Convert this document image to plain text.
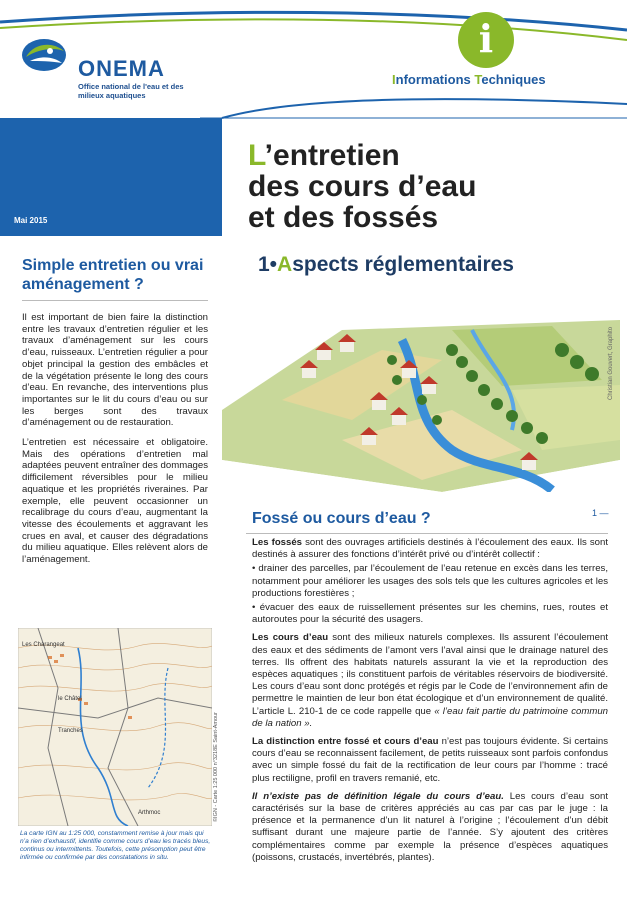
ONEMA
Office national de l'eau et des milieux aquatiques
i
Informations Techniques
Mai 2015
L’entretien
des cours d’eau
et des fossés
1•Aspects réglementaires
Simple entretien ou vrai aménagement ?

Il est important de bien faire la distinction entre les travaux d’entretien régulier et les travaux d’aménagement sur les cours d’eau, ruisseaux. L’entretien régulier a pour objet principal la gestion des embâcles et de la végétation présente le long des cours d’eau. En revanche, des interventions plus importantes sur le lit du cours d’eau ou sur les berges sont des travaux d’aménagement ou de restauration.

L’entretien est nécessaire et obligatoire. Mais des opérations d’entretien mal adaptées peuvent entraîner des dommages difficilement réversibles pour le milieu aquatique et les propriétés riveraines. Par exemple, elle peuvent occasionner un recalibrage du cours d’eau, augmentant la vitesse des écoulements et aggravant les crues en aval, et causer des dégradations du milieu aquatique. Elles relèvent alors de l’aménagement.

Christian Gouvert, Graphito
1 —
Les Charangeat
le Châtel
Tranches
Arthmoc	©IGN - Carte 1:25 000 n°3218E Saint-Amour
La carte IGN au 1:25 000, constamment remise à jour mais qui n’a rien d’exhaustif, identifie comme cours d’eau les tracés bleus, continus ou intermittents. Toutefois, cette présomption peut être infirmée ou confirmée par des constatations in situ.
Fossé ou cours d’eau ?

Les fossés sont des ouvrages artificiels destinés à l’écoulement des eaux. Ils sont destinés à assurer des fonctions d’intérêt privé ou d’intérêt collectif :

• drainer des parcelles, par l’écoulement de l’eau retenue en excès dans les terres, notamment pour améliorer les usages des sols tels que les cultures agricoles et les productions forestières ;

• évacuer des eaux de ruissellement présentes sur les chemins, rues, routes et autoroutes pour la sécurité des usagers.

Les cours d’eau sont des milieux naturels complexes. Ils assurent l’écoulement des eaux et des sédiments de l’amont vers l’aval ainsi que le drainage naturel des terres. Ils offrent des habitats naturels assurant la vie et la reproduction des espèces aquatiques ; ils constituent parfois de véritables réservoirs de biodiversité. Les cours d’eau sont donc protégés et régis par le Code de l’environnement afin de permettre le maintien de leur bon état écologique et d’un environnement de qualité. L’article L. 210-1 de ce code rappelle que « l’eau fait partie du patrimoine commun de la nation ».

La distinction entre fossé et cours d’eau n’est pas toujours évidente. Si certains cours d’eau se reconnaissent facilement, de petits ruisseaux sont parfois confondus avec un simple fossé du fait de la rectification de leur cours par l’homme : tracé plus rectiligne, profil en travers remanié, etc.

Il n’existe pas de définition légale du cours d’eau. Les cours d’eau sont caractérisés sur la base de critères appréciés au cas par cas par le juge : la présence et la permanence d’un lit naturel à l’origine ; l’écoulement d’un débit suffisant durant une majeure partie de l’année. S’y ajoutent des critères complémentaires comme par exemple la présence d’espèces aquatiques (poissons, crustacés, invertébrés, plantes).
